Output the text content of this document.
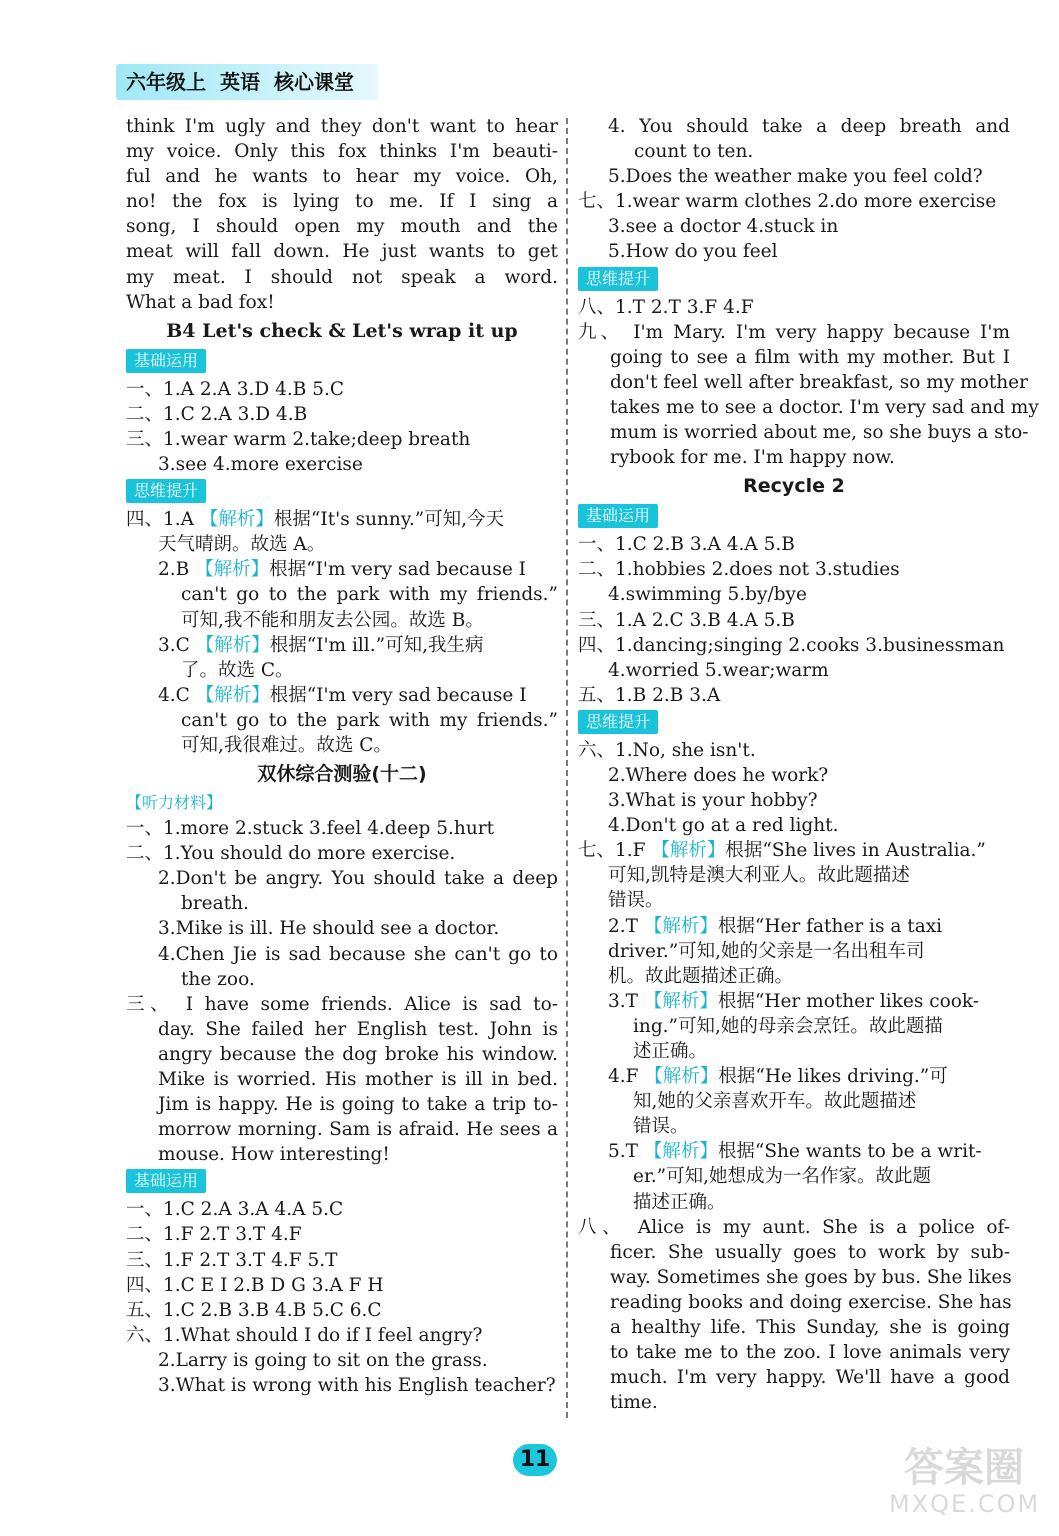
六年级上 英语 核心课堂
think I'm ugly and they don't want to hear
my voice. Only this fox thinks I'm beauti-
ful and he wants to hear my voice. Oh,
no! the fox is lying to me. If I sing a
song, I should open my mouth and the
meat will fall down. He just wants to get
my meat. I should not speak a word.
What a bad fox!
B4 Let's check & Let's wrap it up
基础运用
一、1.A 2.A 3.D 4.B 5.C
二、1.C 2.A 3.D 4.B
三、1.wear warm 2.take;deep breath
3.see 4.more exercise
思维提升
四、1.A 【解析】根据“It's sunny.”可知,今天
天气晴朗。故选 A。
2.B 【解析】根据“I'm very sad because I
can't go to the park with my friends.”
可知,我不能和朋友去公园。故选 B。
3.C 【解析】根据“I'm ill.”可知,我生病
了。故选 C。
4.C 【解析】根据“I'm very sad because I
can't go to the park with my friends.”
可知,我很难过。故选 C。
双休综合测验(十二)
【听力材料】
一、1.more 2.stuck 3.feel 4.deep 5.hurt
二、1.You should do more exercise.
2.Don't be angry. You should take a deep
breath.
3.Mike is ill. He should see a doctor.
4.Chen Jie is sad because she can't go to
the zoo.
三、 I have some friends. Alice is sad to-
day. She failed her English test. John is
angry because the dog broke his window.
Mike is worried. His mother is ill in bed.
Jim is happy. He is going to take a trip to-
morrow morning. Sam is afraid. He sees a
mouse. How interesting!
基础运用
一、1.C 2.A 3.A 4.A 5.C
二、1.F 2.T 3.T 4.F
三、1.F 2.T 3.T 4.F 5.T
四、1.C E I 2.B D G 3.A F H
五、1.C 2.B 3.B 4.B 5.C 6.C
六、1.What should I do if I feel angry?
2.Larry is going to sit on the grass.
3.What is wrong with his English teacher?
4. You should take a deep breath and
count to ten.
5.Does the weather make you feel cold?
七、1.wear warm clothes 2.do more exercise
3.see a doctor 4.stuck in
5.How do you feel
思维提升
八、1.T 2.T 3.F 4.F
九、 I'm Mary. I'm very happy because I'm
going to see a film with my mother. But I
don't feel well after breakfast, so my mother
takes me to see a doctor. I'm very sad and my
mum is worried about me, so she buys a sto-
rybook for me. I'm happy now.
Recycle 2
基础运用
一、1.C 2.B 3.A 4.A 5.B
二、1.hobbies 2.does not 3.studies
4.swimming 5.by/bye
三、1.A 2.C 3.B 4.A 5.B
四、1.dancing;singing 2.cooks 3.businessman
4.worried 5.wear;warm
五、1.B 2.B 3.A
思维提升
六、1.No, she isn't.
2.Where does he work?
3.What is your hobby?
4.Don't go at a red light.
七、1.F 【解析】根据“She lives in Australia.”
可知,凯特是澳大利亚人。故此题描述
错误。
2.T 【解析】根据“Her father is a taxi
driver.”可知,她的父亲是一名出租车司
机。故此题描述正确。
3.T 【解析】根据“Her mother likes cook-
ing.”可知,她的母亲会烹饪。故此题描
述正确。
4.F 【解析】根据“He likes driving.”可
知,她的父亲喜欢开车。故此题描述
错误。
5.T 【解析】根据“She wants to be a writ-
er.”可知,她想成为一名作家。故此题
描述正确。
八、 Alice is my aunt. She is a police of-
ficer. She usually goes to work by sub-
way. Sometimes she goes by bus. She likes
reading books and doing exercise. She has
a healthy life. This Sunday, she is going
to take me to the zoo. I love animals very
much. I'm very happy. We'll have a good
time.
11	答案圈
MXQE.COM
